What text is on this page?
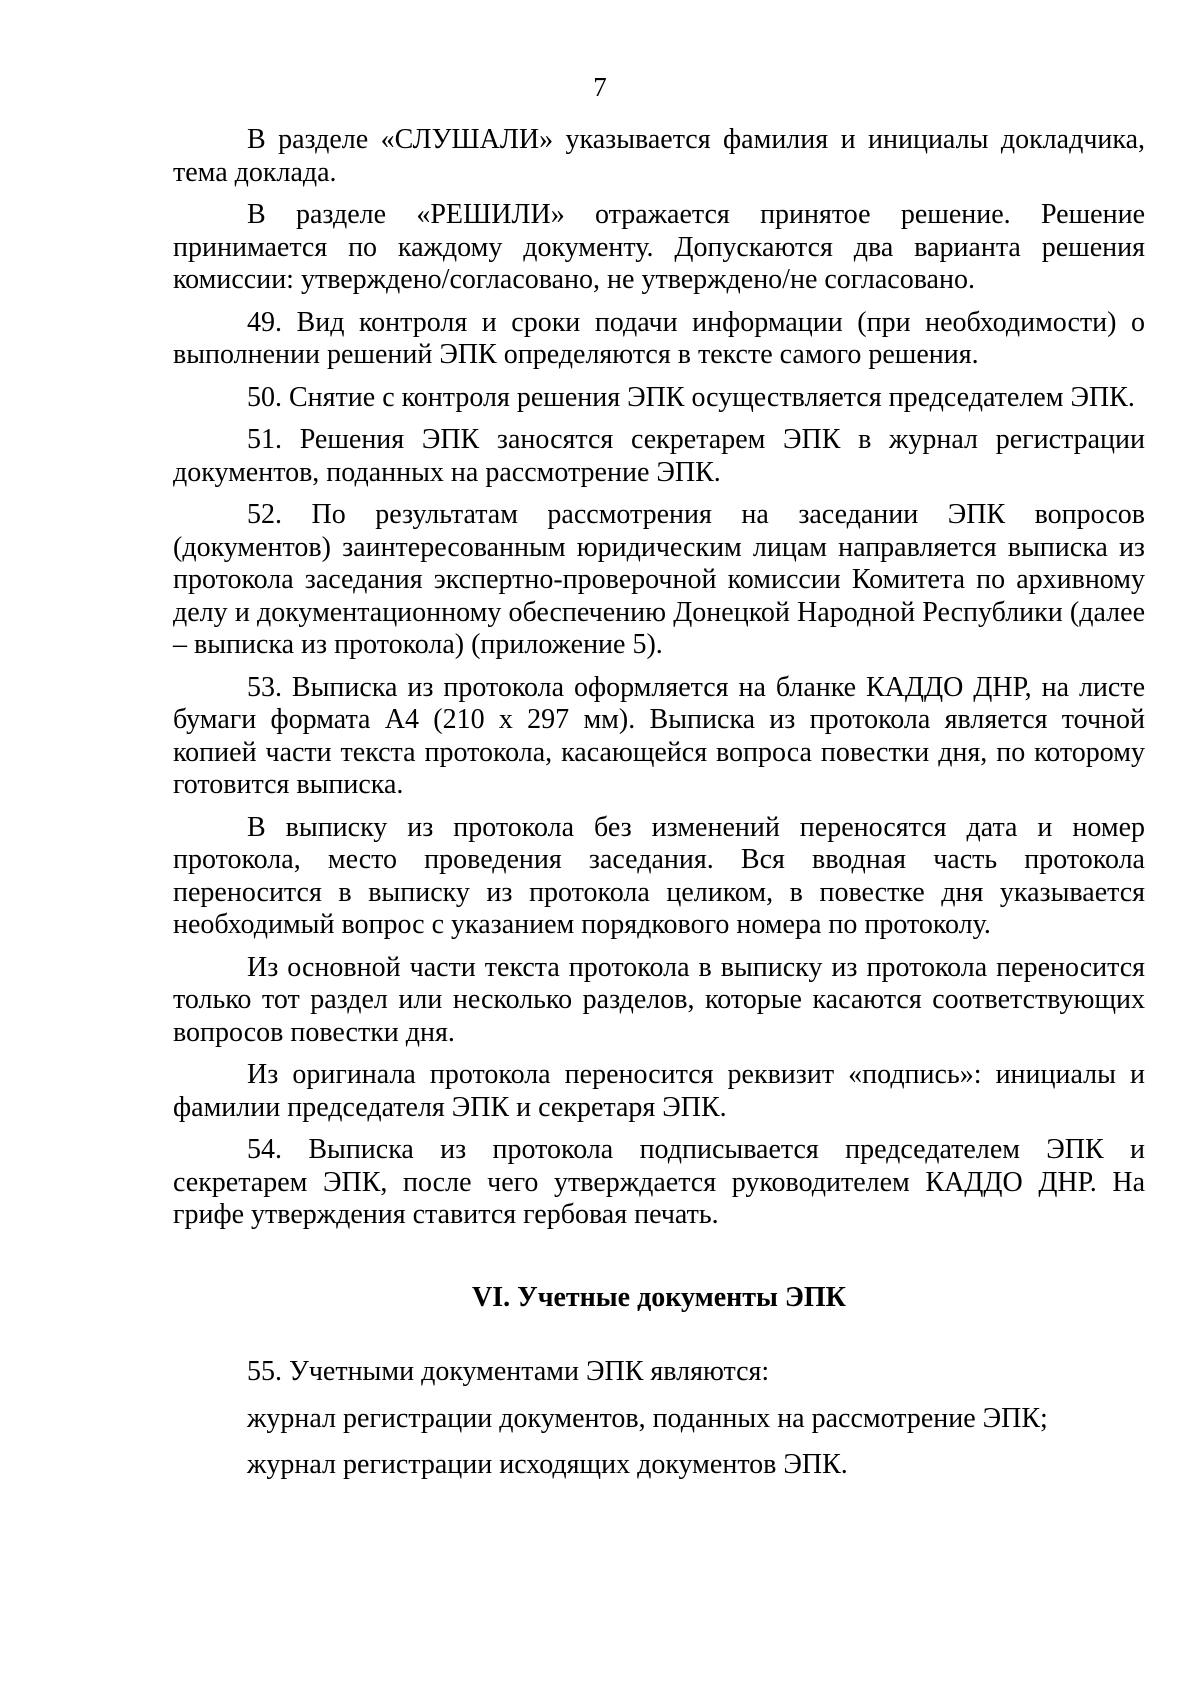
7

В разделе «СЛУШАЛИ» указывается фамилия и инициалы докладчика, тема доклада.

В разделе «РЕШИЛИ» отражается принятое решение. Решение принимается по каждому документу. Допускаются два варианта решения комиссии: утверждено/согласовано, не утверждено/не согласовано.

49. Вид контроля и сроки подачи информации (при необходимости) о выполнении решений ЭПК определяются в тексте самого решения.

50. Снятие с контроля решения ЭПК осуществляется председателем ЭПК.

51. Решения ЭПК заносятся секретарем ЭПК в журнал регистрации документов, поданных на рассмотрение ЭПК.

52. По результатам рассмотрения на заседании ЭПК вопросов (документов) заинтересованным юридическим лицам направляется выписка из протокола заседания экспертно-проверочной комиссии Комитета по архивному делу и документационному обеспечению Донецкой Народной Республики (далее – выписка из протокола) (приложение 5).

53. Выписка из протокола оформляется на бланке КАДДО ДНР, на листе бумаги формата А4 (210 х 297 мм). Выписка из протокола является точной копией части текста протокола, касающейся вопроса повестки дня, по которому готовится выписка.

В выписку из протокола без изменений переносятся дата и номер протокола, место проведения заседания. Вся вводная часть протокола переносится в выписку из протокола целиком, в повестке дня указывается необходимый вопрос с указанием порядкового номера по протоколу.

Из основной части текста протокола в выписку из протокола переносится только тот раздел или несколько разделов, которые касаются соответствующих вопросов повестки дня.

Из оригинала протокола переносится реквизит «подпись»: инициалы и фамилии председателя ЭПК и секретаря ЭПК.

54. Выписка из протокола подписывается председателем ЭПК и секретарем ЭПК, после чего утверждается руководителем КАДДО ДНР. На грифе утверждения ставится гербовая печать.

VI. Учетные документы ЭПК

55. Учетными документами ЭПК являются:

журнал регистрации документов, поданных на рассмотрение ЭПК;

журнал регистрации исходящих документов ЭПК.
